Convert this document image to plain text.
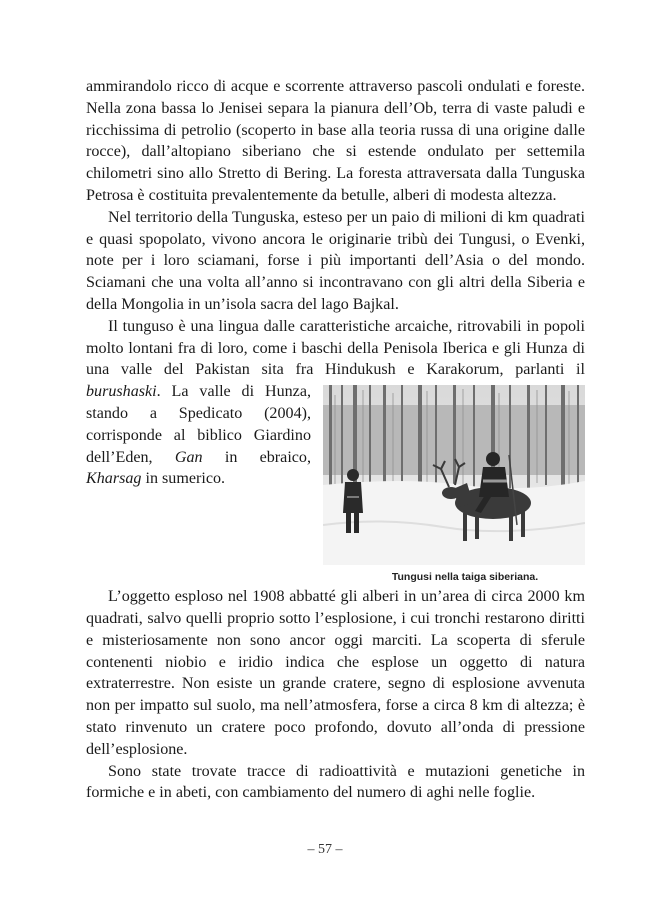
ammirandolo ricco di acque e scorrente attraverso pascoli ondulati e foreste. Nella zona bassa lo Jenisei separa la pianura dell’Ob, terra di vaste paludi e ricchissima di petrolio (scoperto in base alla teoria russa di una origine dalle rocce), dall’altopiano siberiano che si estende ondulato per settemila chilometri sino allo Stretto di Bering. La foresta attraversata dalla Tunguska Petrosa è costituita prevalentemente da betulle, alberi di modesta altezza.

Nel territorio della Tunguska, esteso per un paio di milioni di km quadrati e quasi spopolato, vivono ancora le originarie tribù dei Tungusi, o Evenki, note per i loro sciamani, forse i più importanti dell’Asia o del mondo. Sciamani che una volta all’anno si incontravano con gli altri della Siberia e della Mongolia in un’isola sacra del lago Bajkal.

Il tunguso è una lingua dalle caratteristiche arcaiche, ritrovabili in popoli molto lontani fra di loro, come i baschi della Penisola Iberica e gli Hunza di una valle del Pakistan sita fra Hindukush e Karakorum, parlanti il
Tungusi nella taiga siberiana.
burushaski. La valle di Hunza, stando a Spedicato (2004), corrisponde al biblico Giardino dell’Eden, Gan in ebraico, Kharsag in sumerico.

L’oggetto esploso nel 1908 abbatté gli alberi in un’area di circa 2000 km quadrati, salvo quelli proprio sotto l’esplosione, i cui tronchi restarono diritti e misteriosamente non sono ancor oggi marciti. La scoperta di sferule contenenti niobio e iridio indica che esplose un oggetto di natura extraterrestre. Non esiste un grande cratere, segno di esplosione avvenuta non per impatto sul suolo, ma nell’atmosfera, forse a circa 8 km di altezza; è stato rinvenuto un cratere poco profondo, dovuto all’onda di pressione dell’esplosione.

Sono state trovate tracce di radioattività e mutazioni genetiche in formiche e in abeti, con cambiamento del numero di aghi nelle foglie.

– 57 –
